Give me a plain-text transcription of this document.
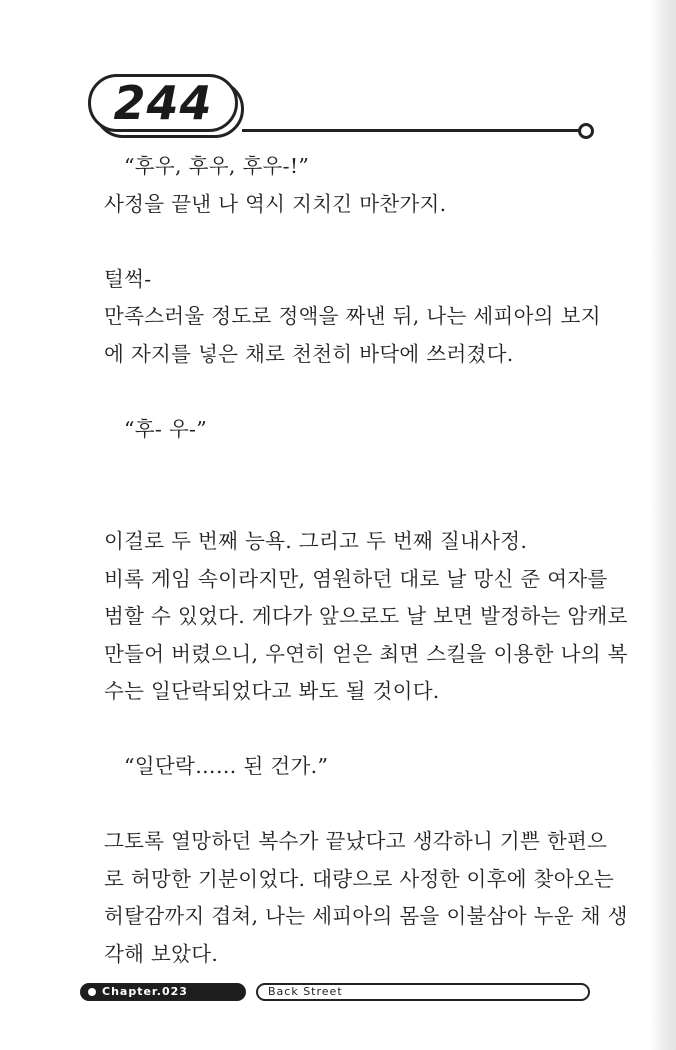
244
“후우, 후우, 후우-!”
사정을 끝낸 나 역시 지치긴 마찬가지.
털썩-
만족스러울 정도로 정액을 짜낸 뒤, 나는 세피아의 보지
에 자지를 넣은 채로 천천히 바닥에 쓰러졌다.
“후- 우-”
이걸로 두 번째 능욕. 그리고 두 번째 질내사정.
비록 게임 속이라지만, 염원하던 대로 날 망신 준 여자를
범할 수 있었다. 게다가 앞으로도 날 보면 발정하는 암캐로
만들어 버렸으니, 우연히 얻은 최면 스킬을 이용한 나의 복
수는 일단락되었다고 봐도 될 것이다.
“일단락…… 된 건가.”
그토록 열망하던 복수가 끝났다고 생각하니 기쁜 한편으
로 허망한 기분이었다. 대량으로 사정한 이후에 찾아오는
허탈감까지 겹쳐, 나는 세피아의 몸을 이불삼아 누운 채 생
각해 보았다.
Chapter.023	Back Street
